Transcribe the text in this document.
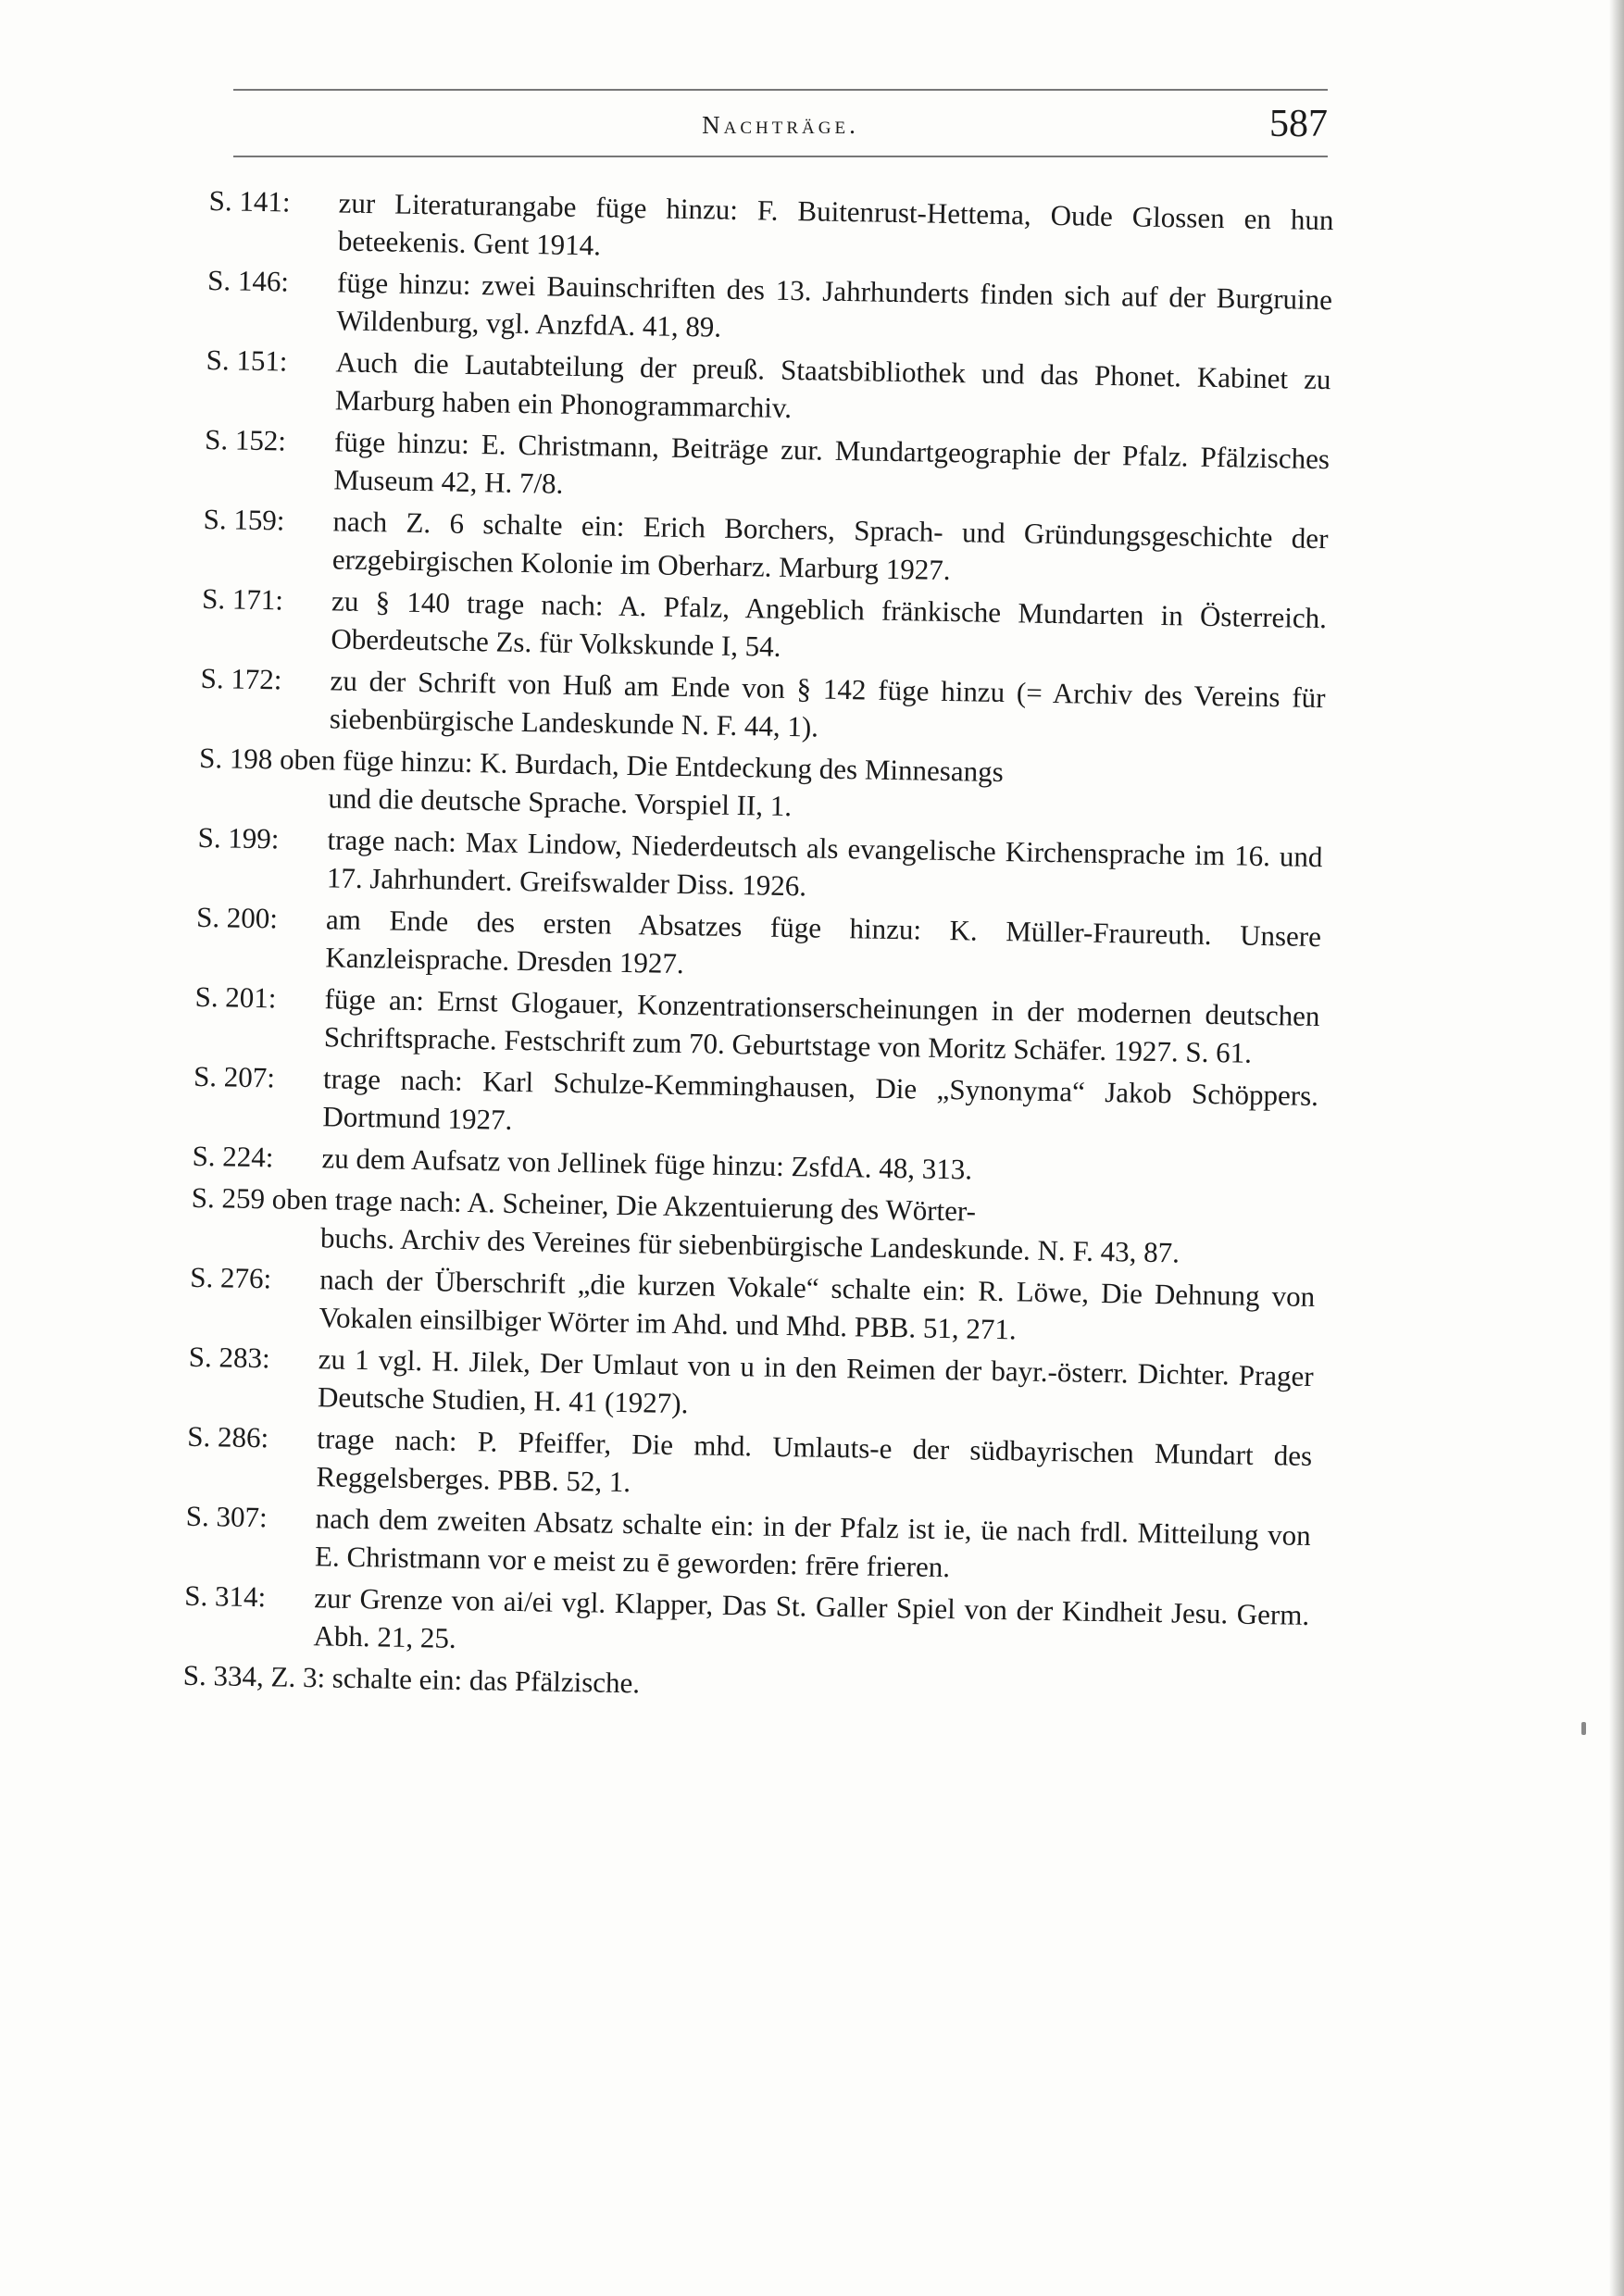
Nachträge.	587
S. 141: zur Literaturangabe füge hinzu: F. Buitenrust-Hettema, Oude Glossen en hun beteekenis. Gent 1914.
S. 146: füge hinzu: zwei Bauinschriften des 13. Jahrhunderts finden sich auf der Burgruine Wildenburg, vgl. AnzfdA. 41, 89.
S. 151: Auch die Lautabteilung der preuß. Staatsbibliothek und das Phonet. Kabinet zu Marburg haben ein Phonogrammarchiv.
S. 152: füge hinzu: E. Christmann, Beiträge zur. Mundartgeographie der Pfalz. Pfälzisches Museum 42, H. 7/8.
S. 159: nach Z. 6 schalte ein: Erich Borchers, Sprach- und Gründungsgeschichte der erzgebirgischen Kolonie im Oberharz. Marburg 1927.
S. 171: zu § 140 trage nach: A. Pfalz, Angeblich fränkische Mundarten in Österreich. Oberdeutsche Zs. für Volkskunde I, 54.
S. 172: zu der Schrift von Huß am Ende von § 142 füge hinzu (= Archiv des Vereins für siebenbürgische Landeskunde N. F. 44, 1).
S. 198 oben füge hinzu: K. Burdach, Die Entdeckung des Minnesangs
und die deutsche Sprache. Vorspiel II, 1.
S. 199: trage nach: Max Lindow, Niederdeutsch als evangelische Kirchensprache im 16. und 17. Jahrhundert. Greifswalder Diss. 1926.
S. 200: am Ende des ersten Absatzes füge hinzu: K. Müller-Fraureuth. Unsere Kanzleisprache. Dresden 1927.
S. 201: füge an: Ernst Glogauer, Konzentrationserscheinungen in der modernen deutschen Schriftsprache. Festschrift zum 70. Geburtstage von Moritz Schäfer. 1927. S. 61.
S. 207: trage nach: Karl Schulze-Kemminghausen, Die „Synonyma“ Jakob Schöppers. Dortmund 1927.
S. 224: zu dem Aufsatz von Jellinek füge hinzu: ZsfdA. 48, 313.
S. 259 oben trage nach: A. Scheiner, Die Akzentuierung des Wörter-
buchs. Archiv des Vereines für siebenbürgische Landeskunde. N. F. 43, 87.
S. 276: nach der Überschrift „die kurzen Vokale“ schalte ein: R. Löwe, Die Dehnung von Vokalen einsilbiger Wörter im Ahd. und Mhd. PBB. 51, 271.
S. 283: zu 1 vgl. H. Jilek, Der Umlaut von u in den Reimen der bayr.-österr. Dichter. Prager Deutsche Studien, H. 41 (1927).
S. 286: trage nach: P. Pfeiffer, Die mhd. Umlauts-e der südbayrischen Mundart des Reggelsberges. PBB. 52, 1.
S. 307: nach dem zweiten Absatz schalte ein: in der Pfalz ist ie, üe nach frdl. Mitteilung von E. Christmann vor e meist zu ē geworden: frēre frieren.
S. 314: zur Grenze von ai/ei vgl. Klapper, Das St. Galler Spiel von der Kindheit Jesu. Germ. Abh. 21, 25.
S. 334, Z. 3: schalte ein: das Pfälzische.
